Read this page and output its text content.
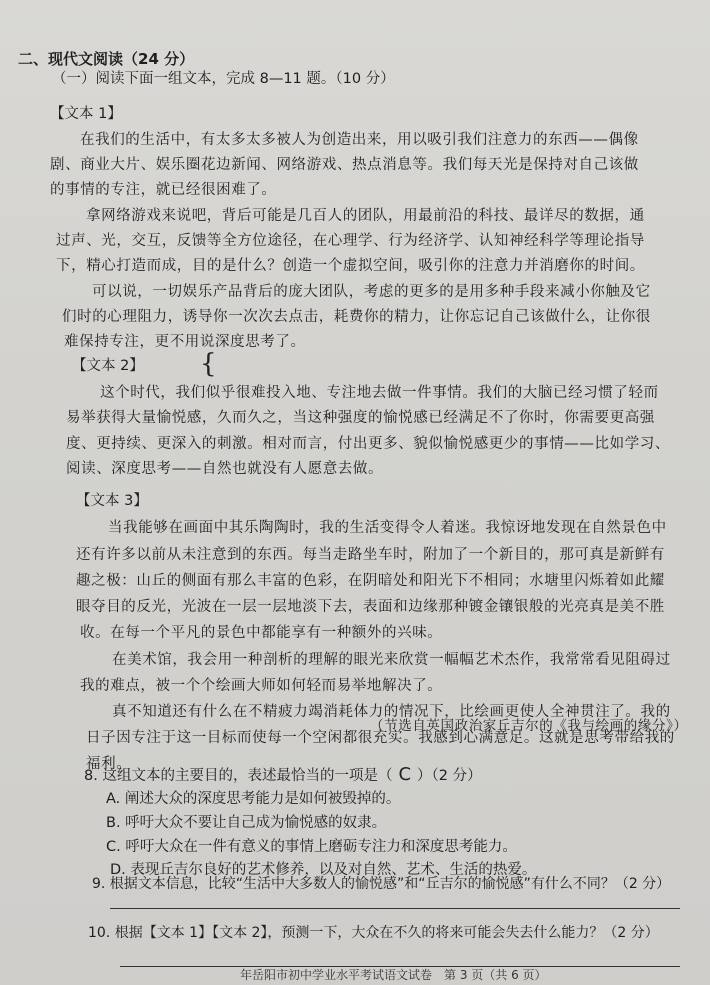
二、现代文阅读（24 分）
（一）阅读下面一组文本，完成 8—11 题。（10 分）
【文本 1】
在我们的生活中，有太多太多被人为创造出来，用以吸引我们注意力的东西——偶像
剧、商业大片、娱乐圈花边新闻、网络游戏、热点消息等。我们每天光是保持对自己该做
的事情的专注，就已经很困难了。
拿网络游戏来说吧，背后可能是几百人的团队，用最前沿的科技、最详尽的数据，通
过声、光，交互，反馈等全方位途径，在心理学、行为经济学、认知神经科学等理论指导
下，精心打造而成，目的是什么？创造一个虚拟空间，吸引你的注意力并消磨你的时间。
可以说，一切娱乐产品背后的庞大团队，考虑的更多的是用多种手段来减小你触及它
们时的心理阻力，诱导你一次次去点击，耗费你的精力，让你忘记自己该做什么，让你很
难保持专注，更不用说深度思考了。
【文本 2】 {
这个时代，我们似乎很难投入地、专注地去做一件事情。我们的大脑已经习惯了轻而
易举获得大量愉悦感，久而久之，当这种强度的愉悦感已经满足不了你时，你需要更高强
度、更持续、更深入的刺激。相对而言，付出更多、貌似愉悦感更少的事情——比如学习、
阅读、深度思考——自然也就没有人愿意去做。
【文本 3】
当我能够在画面中其乐陶陶时，我的生活变得令人着迷。我惊讶地发现在自然景色中
还有许多以前从未注意到的东西。每当走路坐车时，附加了一个新目的，那可真是新鲜有
趣之极：山丘的侧面有那么丰富的色彩，在阴暗处和阳光下不相同；水塘里闪烁着如此耀
眼夺目的反光，光波在一层一层地淡下去，表面和边缘那种镀金镶银般的光亮真是美不胜
收。在每一个平凡的景色中都能享有一种额外的兴味。
在美术馆，我会用一种剖析的理解的眼光来欣赏一幅幅艺术杰作，我常常看见阻碍过
我的难点，被一个个绘画大师如何轻而易举地解决了。
真不知道还有什么在不精疲力竭消耗体力的情况下，比绘画更使人全神贯注了。我的
日子因专注于这一目标而使每一个空闲都很充实。我感到心满意足。这就是思考带给我的
（节选自英国政治家丘吉尔的《我与绘画的缘分》）
福利。
8. 这组文本的主要目的，表述最恰当的一项是（ C ）（2 分）
A. 阐述大众的深度思考能力是如何被毁掉的。
B. 呼吁大众不要让自己成为愉悦感的奴隶。
C. 呼吁大众在一件有意义的事情上磨砺专注力和深度思考能力。
D. 表现丘吉尔良好的艺术修养，以及对自然、艺术、生活的热爱。
9. 根据文本信息，比较“生活中大多数人的愉悦感”和“丘吉尔的愉悦感”有什么不同？（2 分）
10. 根据【文本 1】【文本 2】，预测一下，大众在不久的将来可能会失去什么能力？（2 分）
年岳阳市初中学业水平考试语文试卷　第 3 页（共 6 页）
